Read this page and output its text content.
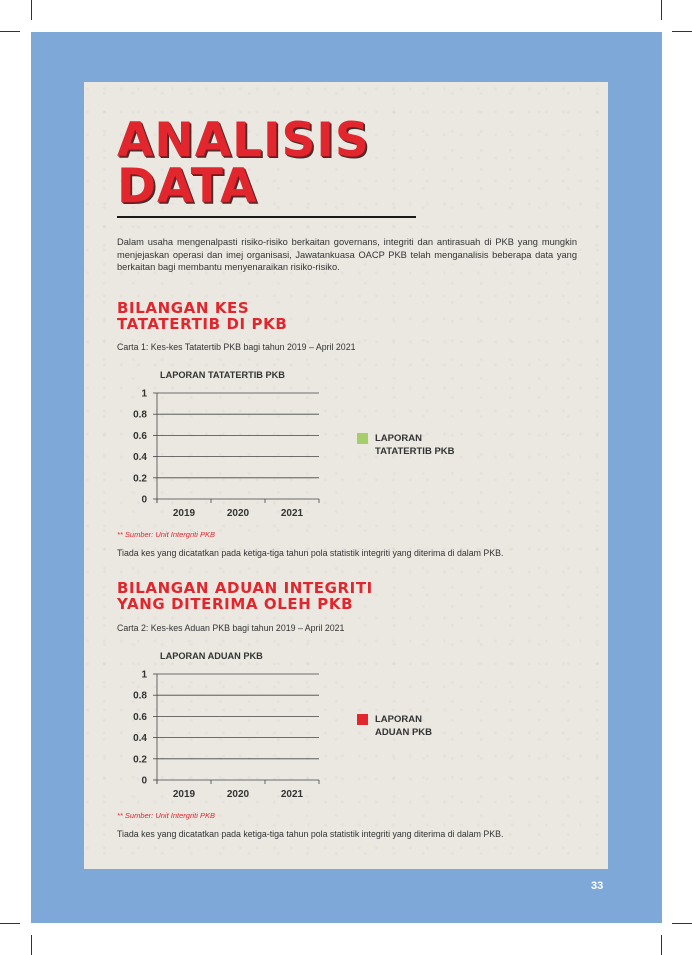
ANALISIS
DATA

Dalam usaha mengenalpasti risiko-risiko berkaitan governans, integriti dan antirasuah di PKB yang mungkin menjejaskan operasi dan imej organisasi, Jawatankuasa OACP PKB telah menganalisis beberapa data yang berkaitan bagi membantu menyenaraikan risiko-risiko.

BILANGAN KES
TATATERTIB DI PKB
Carta 1: Kes-kes Tatatertib PKB bagi tahun 2019 – April 2021
LAPORAN TATATERTIB PKB
1
0.8
0.6
0.4
0.2
0
2019	2020	2021
LAPORAN TATATERTIB PKB
** Sumber: Unit Intergriti PKB
Tiada kes yang dicatatkan pada ketiga-tiga tahun pola statistik integriti yang diterima di dalam PKB.
BILANGAN ADUAN INTEGRITI
YANG DITERIMA OLEH PKB
Carta 2: Kes-kes Aduan PKB bagi tahun 2019 – April 2021
LAPORAN ADUAN PKB
1
0.8
0.6
0.4
0.2
0
2019	2020	2021
LAPORAN ADUAN PKB
** Sumber: Unit Intergriti PKB
Tiada kes yang dicatatkan pada ketiga-tiga tahun pola statistik integriti yang diterima di dalam PKB.
33
